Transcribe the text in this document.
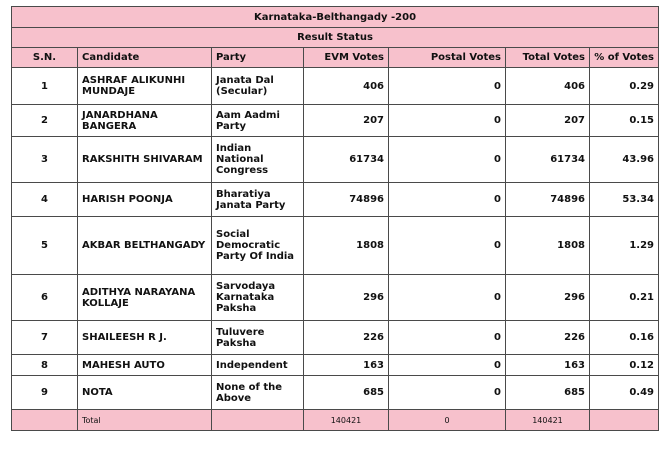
Karnataka-Belthangady -200						
Result Status						
S.N.	Candidate	Party	EVM Votes	Postal Votes	Total Votes	% of Votes
1	ASHRAF ALIKUNHI MUNDAJE	Janata Dal (Secular)	406	0	406	0.29
2	JANARDHANA BANGERA	Aam Aadmi Party	207	0	207	0.15
3	RAKSHITH SHIVARAM	Indian National Congress	61734	0	61734	43.96
4	HARISH POONJA	Bharatiya Janata Party	74896	0	74896	53.34
5	AKBAR BELTHANGADY	Social Democratic Party Of India	1808	0	1808	1.29
6	ADITHYA NARAYANA KOLLAJE	Sarvodaya Karnataka Paksha	296	0	296	0.21
7	SHAILEESH R J.	Tuluvere Paksha	226	0	226	0.16
8	MAHESH AUTO	Independent	163	0	163	0.12
9	NOTA	None of the Above	685	0	685	0.49
	Total		140421	0	140421	
